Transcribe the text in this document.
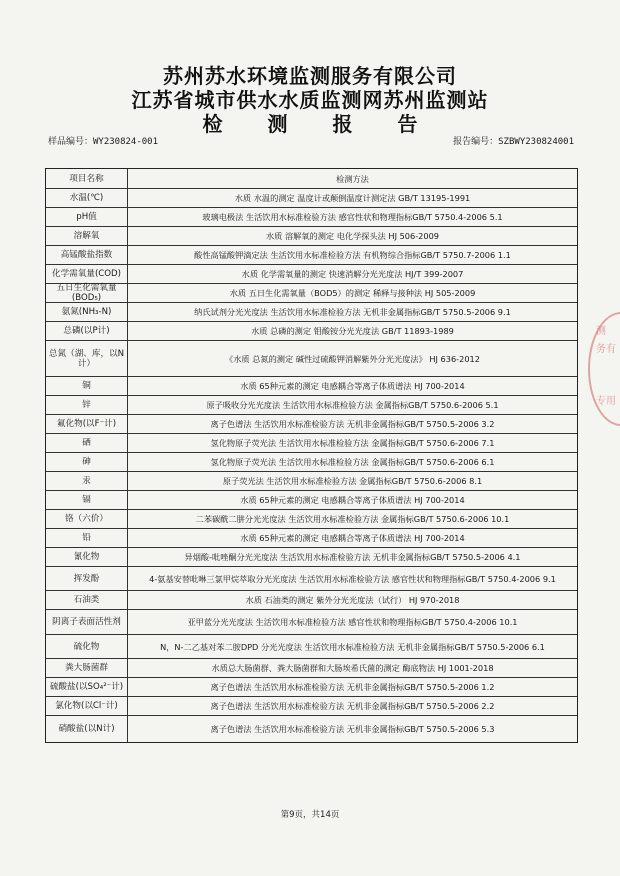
苏州苏水环境监测服务有限公司
江苏省城市供水水质监测网苏州监测站
检 测 报 告
样品编号：WY230824-001	报告编号：SZBWY230824001
项目名称	检测方法
水温(℃)	水质 水温的测定 温度计或颠倒温度计测定法 GB/T 13195-1991
pH值	玻璃电极法 生活饮用水标准检验方法 感官性状和物理指标GB/T 5750.4-2006 5.1
溶解氧	水质 溶解氧的测定 电化学探头法 HJ 506-2009
高锰酸盐指数	酸性高锰酸钾滴定法 生活饮用水标准检验方法 有机物综合指标GB/T 5750.7-2006 1.1
化学需氧量(COD)	水质 化学需氧量的测定 快速消解分光光度法 HJ/T 399-2007
五日生化需氧量(BOD₅)	水质 五日生化需氧量（BOD5）的测定 稀释与接种法 HJ 505-2009
氨氮(NH₃-N)	纳氏试剂分光光度法 生活饮用水标准检验方法 无机非金属指标GB/T 5750.5-2006 9.1
总磷(以P计)	水质 总磷的测定 钼酸铵分光光度法 GB/T 11893-1989
总氮（湖、库，以N计）	《水质 总氮的测定 碱性过硫酸钾消解紫外分光光度法》 HJ 636-2012
铜	水质 65种元素的测定 电感耦合等离子体质谱法 HJ 700-2014
锌	原子吸收分光光度法 生活饮用水标准检验方法 金属指标GB/T 5750.6-2006 5.1
氟化物(以F⁻计)	离子色谱法 生活饮用水标准检验方法 无机非金属指标GB/T 5750.5-2006 3.2
硒	氢化物原子荧光法 生活饮用水标准检验方法 金属指标GB/T 5750.6-2006 7.1
砷	氢化物原子荧光法 生活饮用水标准检验方法 金属指标GB/T 5750.6-2006 6.1
汞	原子荧光法 生活饮用水标准检验方法 金属指标GB/T 5750.6-2006 8.1
镉	水质 65种元素的测定 电感耦合等离子体质谱法 HJ 700-2014
铬（六价）	二苯碳酰二肼分光光度法 生活饮用水标准检验方法 金属指标GB/T 5750.6-2006 10.1
铅	水质 65种元素的测定 电感耦合等离子体质谱法 HJ 700-2014
氰化物	异烟酸-吡唑酮分光光度法 生活饮用水标准检验方法 无机非金属指标GB/T 5750.5-2006 4.1
挥发酚	4-氨基安替吡啉三氯甲烷萃取分光光度法 生活饮用水标准检验方法 感官性状和物理指标GB/T 5750.4-2006 9.1
石油类	水质 石油类的测定 紫外分光光度法（试行） HJ 970-2018
阴离子表面活性剂	亚甲蓝分光光度法 生活饮用水标准检验方法 感官性状和物理指标GB/T 5750.4-2006 10.1
硫化物	N，N-二乙基对苯二胺DPD 分光光度法 生活饮用水标准检验方法 无机非金属指标GB/T 5750.5-2006 6.1
粪大肠菌群	水质总大肠菌群、粪大肠菌群和大肠埃希氏菌的测定 酶底物法 HJ 1001-2018
硫酸盐(以SO₄²⁻计)	离子色谱法 生活饮用水标准检验方法 无机非金属指标GB/T 5750.5-2006 1.2
氯化物(以Cl⁻计)	离子色谱法 生活饮用水标准检验方法 无机非金属指标GB/T 5750.5-2006 2.2
硝酸盐(以N计)	离子色谱法 生活饮用水标准检验方法 无机非金属指标GB/T 5750.5-2006 5.3
第9页，共14页
测
务有
专用
